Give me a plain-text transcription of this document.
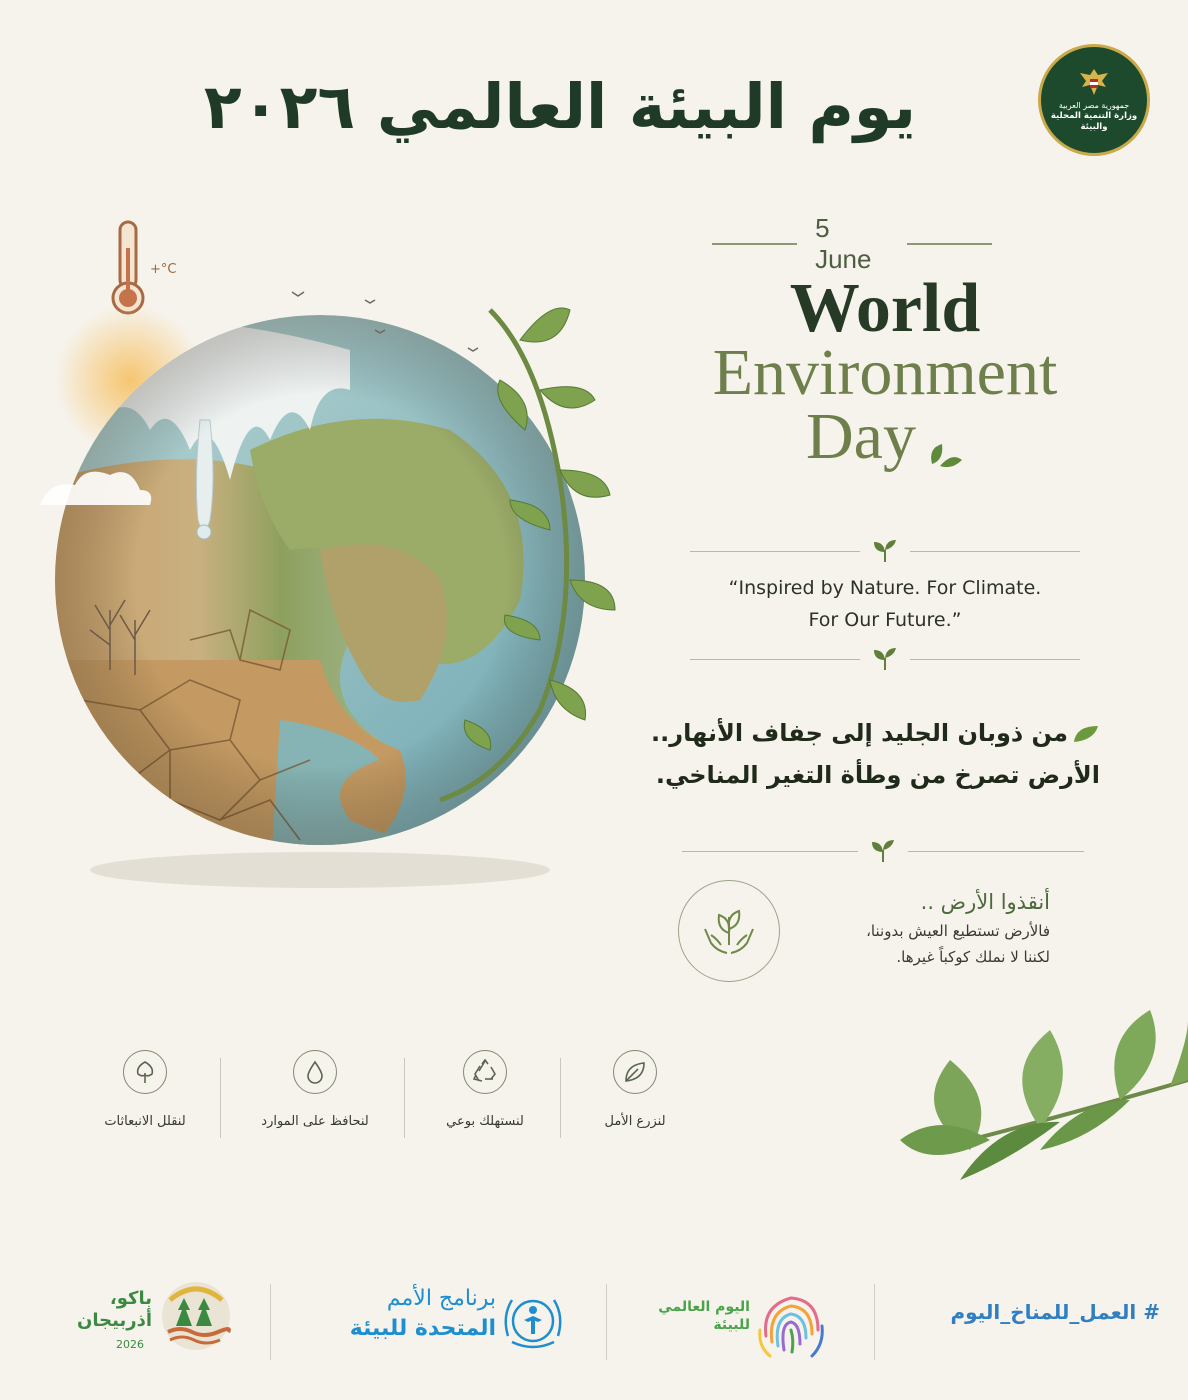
يوم البيئة العالمي ٢٠٢٦	جمهورية مصر العربية
وزارة التنمية المحلية
والبيئة
+°C
5 June
World
Environment
Day
“Inspired by Nature. For Climate.
For Our Future.”
من ذوبان الجليد إلى جفاف الأنهار..
الأرض تصرخ من وطأة التغير المناخي.
أنقذوا الأرض ..
فالأرض تستطيع العيش بدوننا،
لكننا لا نملك كوكباً غيرها.
لنقلل الانبعاثات	لنحافظ على الموارد	لنستهلك بوعي	لنزرع الأمل
باكو،
أذربيجان
2026
برنامج الأمم
المتحدة للبيئة
اليوم العالمي
للبيئة
# العمل_للمناخ_اليوم
